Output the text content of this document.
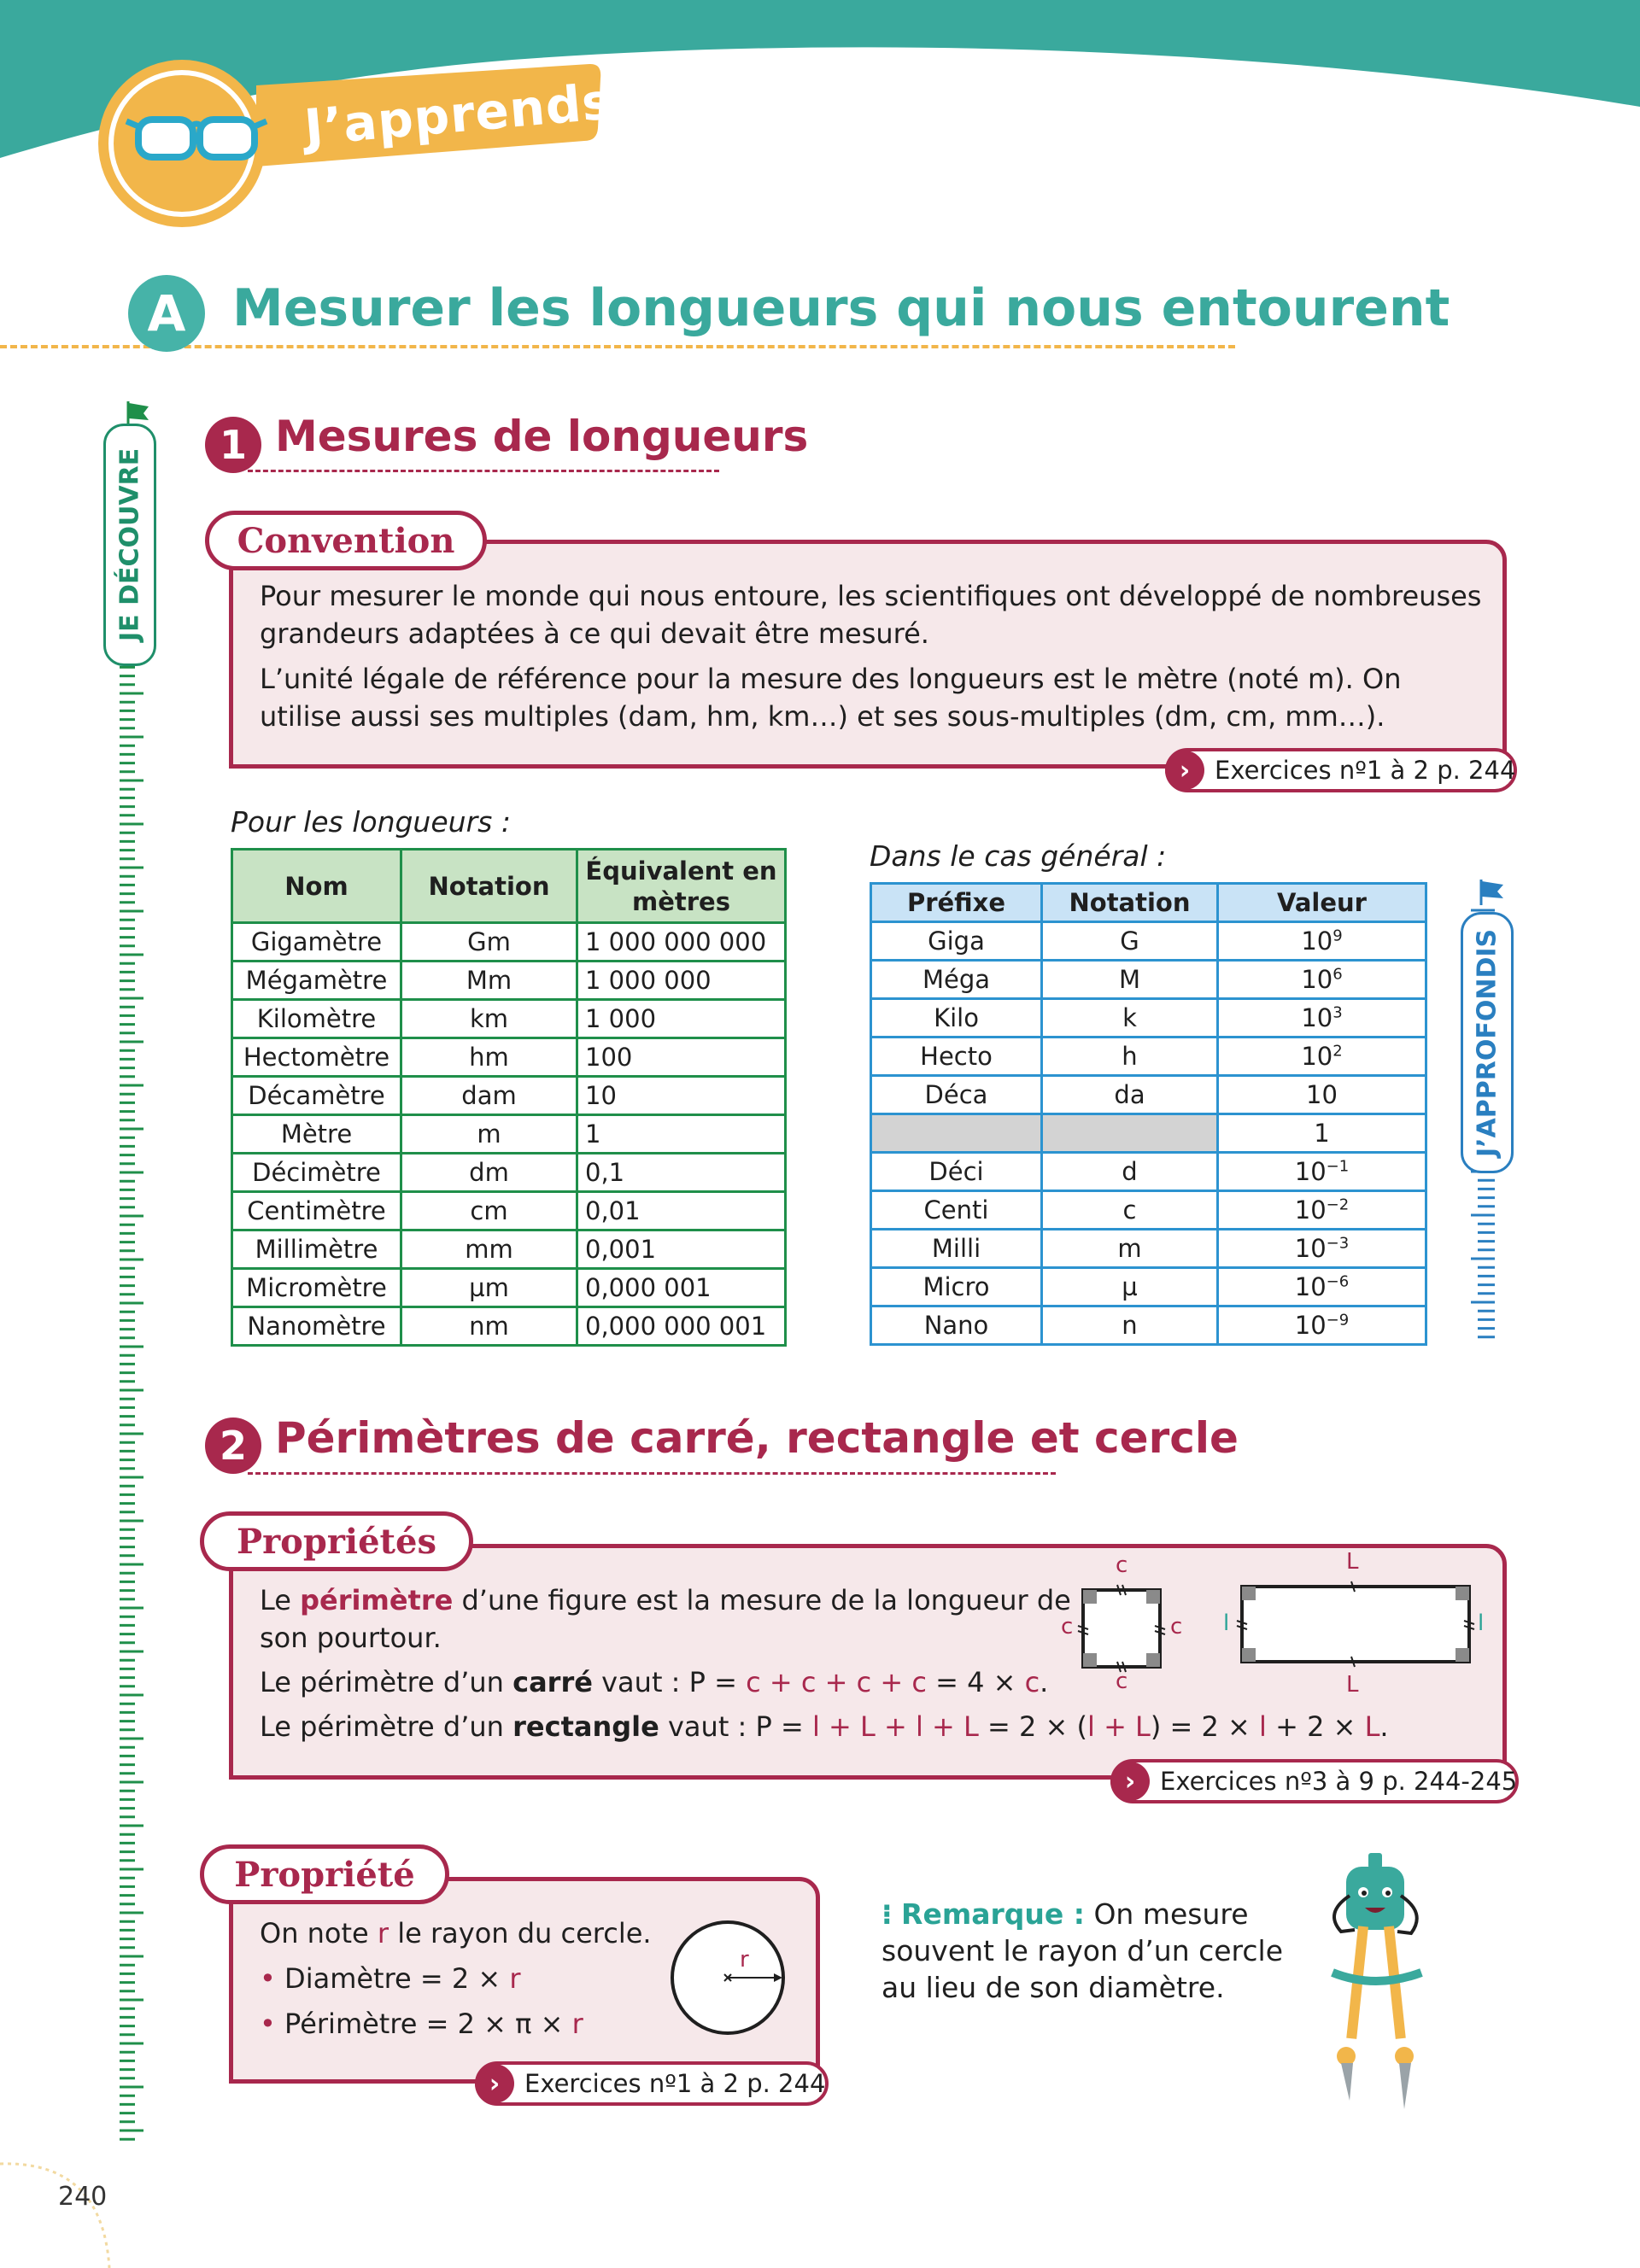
J’apprends
A Mesurer les longueurs qui nous entourent
JE DÉCOUVRE
J’APPROFONDIS
1 Mesures de longueurs
Convention

Pour mesurer le monde qui nous entoure, les scientifiques ont développé de nombreuses grandeurs adaptées à ce qui devait être mesuré.

L’unité légale de référence pour la mesure des longueurs est le mètre (noté m). On utilise aussi ses multiples (dam, hm, km…) et ses sous-multiples (dm, cm, mm…).

› Exercices nº1 à 2 p. 244
Pour les longueurs :
Nom	Notation	Équivalent en mètres
Gigamètre	Gm	1 000 000 000
Mégamètre	Mm	1 000 000
Kilomètre	km	1 000
Hectomètre	hm	100
Décamètre	dam	10
Mètre	m	1
Décimètre	dm	0,1
Centimètre	cm	0,01
Millimètre	mm	0,001
Micromètre	µm	0,000 001
Nanomètre	nm	0,000 000 001
Dans le cas général :
Préfixe	Notation	Valeur
Giga	G	$10^9$
Méga	M	$10^6$
Kilo	k	$10^3$
Hecto	h	$10^2$
Déca	da	10
		1
Déci	d	$10^{-1}$
Centi	c	$10^{-2}$
Milli	m	$10^{-3}$
Micro	µ	$10^{-6}$
Nano	n	$10^{-9}$
2 Périmètres de carré, rectangle et cercle
Propriétés

Le périmètre d’une figure est la mesure de la longueur de

son pourtour.

Le périmètre d’un carré vaut : P = c + c + c + c = 4 × c.

Le périmètre d’un rectangle vaut : P = l + L + l + L = 2 × (l + L) = 2 × l + 2 × L.

c
c
c	c
L
L
l	l
› Exercices nº3 à 9 p. 244-245
Propriété

On note r le rayon du cercle.

• Diamètre = 2 × r

• Périmètre = 2 × π × r

r
› Exercices nº1 à 2 p. 244
⁝ Remarque : On mesure
souvent le rayon d’un cercle
au lieu de son diamètre.
240
